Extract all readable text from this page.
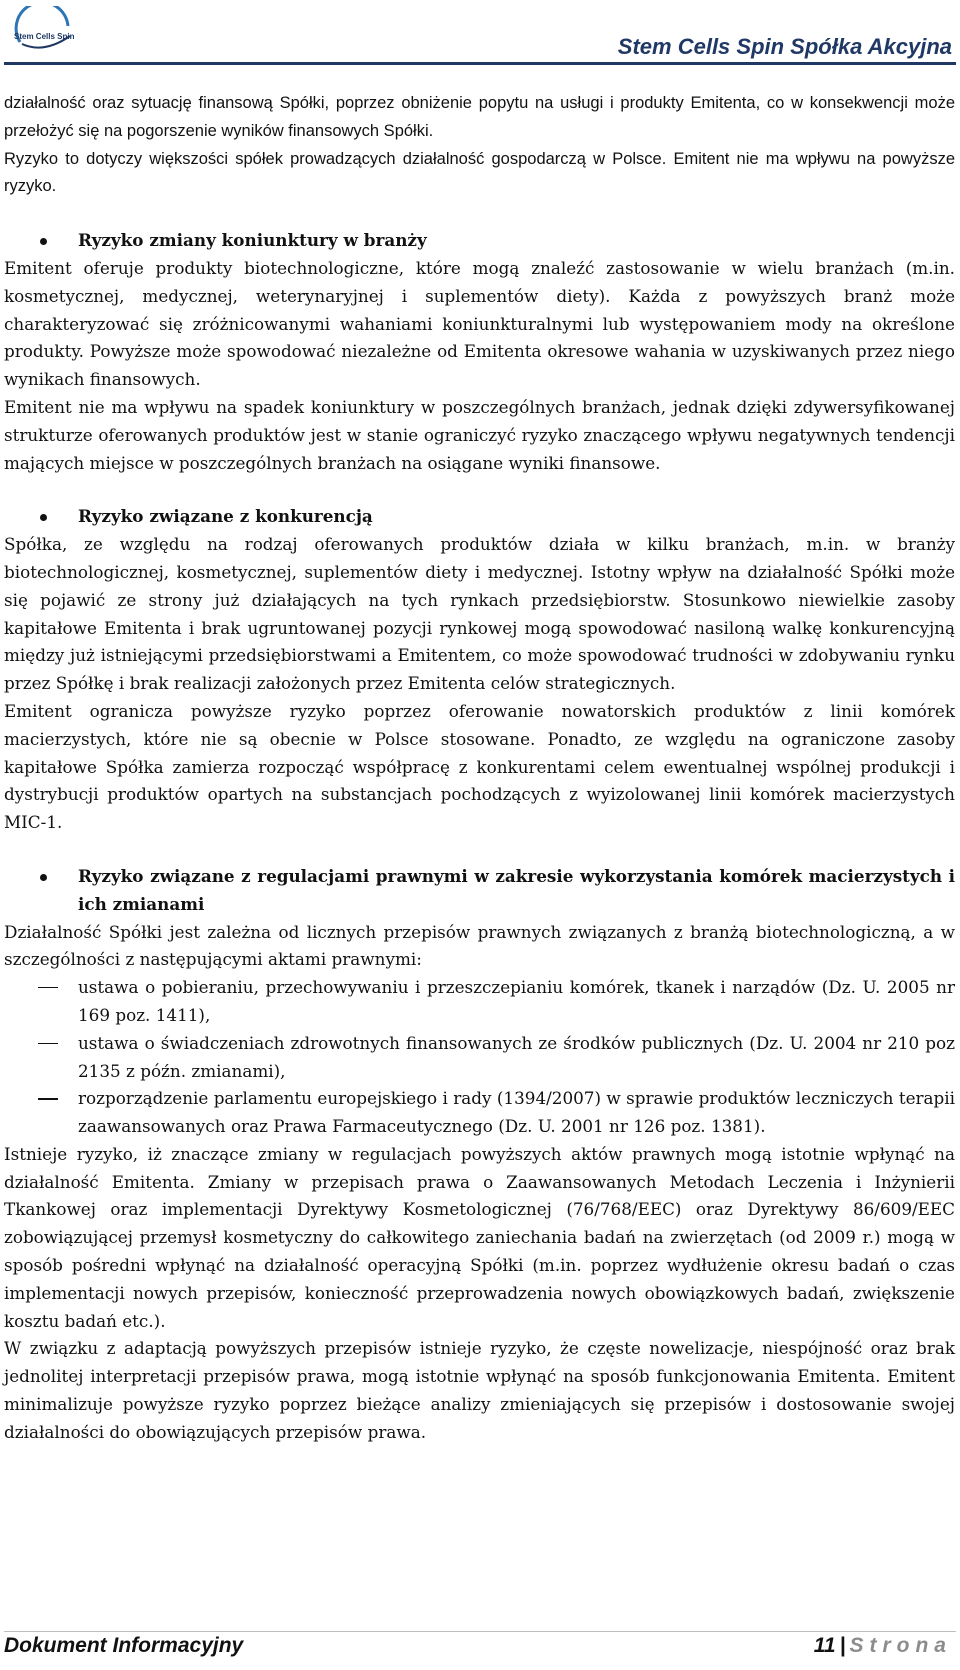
Stem Cells Spin	Stem Cells Spin Spółka Akcyjna

działalność oraz sytuację finansową Spółki, poprzez obniżenie popytu na usługi i produkty Emitenta, co w konsekwencji może przełożyć się na pogorszenie wyników finansowych Spółki.

Ryzyko to dotyczy większości spółek prowadzących działalność gospodarczą w Polsce. Emitent nie ma wpływu na powyższe ryzyko.

Ryzyko zmiany koniunktury w branży

Emitent oferuje produkty biotechnologiczne, które mogą znaleźć zastosowanie w wielu branżach (m.in. kosmetycznej, medycznej, weterynaryjnej i suplementów diety). Każda z powyższych branż może charakteryzować się zróżnicowanymi wahaniami koniunkturalnymi lub występowaniem mody na określone produkty. Powyższe może spowodować niezależne od Emitenta okresowe wahania w uzyskiwanych przez niego wynikach finansowych.

Emitent nie ma wpływu na spadek koniunktury w poszczególnych branżach, jednak dzięki zdywersyfikowanej strukturze oferowanych produktów jest w stanie ograniczyć ryzyko znaczącego wpływu negatywnych tendencji mających miejsce w poszczególnych branżach na osiągane wyniki finansowe.

Ryzyko związane z konkurencją

Spółka, ze względu na rodzaj oferowanych produktów działa w kilku branżach, m.in. w branży biotechnologicznej, kosmetycznej, suplementów diety i medycznej. Istotny wpływ na działalność Spółki może się pojawić ze strony już działających na tych rynkach przedsiębiorstw. Stosunkowo niewielkie zasoby kapitałowe Emitenta i brak ugruntowanej pozycji rynkowej mogą spowodować nasiloną walkę konkurencyjną między już istniejącymi przedsiębiorstwami a Emitentem, co może spowodować trudności w zdobywaniu rynku przez Spółkę i brak realizacji założonych przez Emitenta celów strategicznych.

Emitent ogranicza powyższe ryzyko poprzez oferowanie nowatorskich produktów z linii komórek macierzystych, które nie są obecnie w Polsce stosowane. Ponadto, ze względu na ograniczone zasoby kapitałowe Spółka zamierza rozpocząć współpracę z konkurentami celem ewentualnej wspólnej produkcji i dystrybucji produktów opartych na substancjach pochodzących z wyizolowanej linii komórek macierzystych MIC-1.

Ryzyko związane z regulacjami prawnymi w zakresie wykorzystania komórek macierzystych i ich zmianami

Działalność Spółki jest zależna od licznych przepisów prawnych związanych z branżą biotechnologiczną, a w szczególności z następującymi aktami prawnymi:

ustawa o pobieraniu, przechowywaniu i przeszczepianiu komórek, tkanek i narządów (Dz. U. 2005 nr 169 poz. 1411),

ustawa o świadczeniach zdrowotnych finansowanych ze środków publicznych (Dz. U. 2004 nr 210 poz 2135 z późn. zmianami),

rozporządzenie parlamentu europejskiego i rady (1394/2007) w sprawie produktów leczniczych terapii zaawansowanych oraz Prawa Farmaceutycznego (Dz. U. 2001 nr 126 poz. 1381).

Istnieje ryzyko, iż znaczące zmiany w regulacjach powyższych aktów prawnych mogą istotnie wpłynąć na działalność Emitenta. Zmiany w przepisach prawa o Zaawansowanych Metodach Leczenia i Inżynierii Tkankowej oraz implementacji Dyrektywy Kosmetologicznej (76/768/EEC) oraz Dyrektywy 86/609/EEC zobowiązującej przemysł kosmetyczny do całkowitego zaniechania badań na zwierzętach (od 2009 r.) mogą w sposób pośredni wpłynąć na działalność operacyjną Spółki (m.in. poprzez wydłużenie okresu badań o czas implementacji nowych przepisów, konieczność przeprowadzenia nowych obowiązkowych badań, zwiększenie kosztu badań etc.).

W związku z adaptacją powyższych przepisów istnieje ryzyko, że częste nowelizacje, niespójność oraz brak jednolitej interpretacji przepisów prawa, mogą istotnie wpłynąć na sposób funkcjonowania Emitenta. Emitent minimalizuje powyższe ryzyko poprzez bieżące analizy zmieniających się przepisów i dostosowanie swojej działalności do obowiązujących przepisów prawa.

Dokument Informacyjny	11 | Strona
